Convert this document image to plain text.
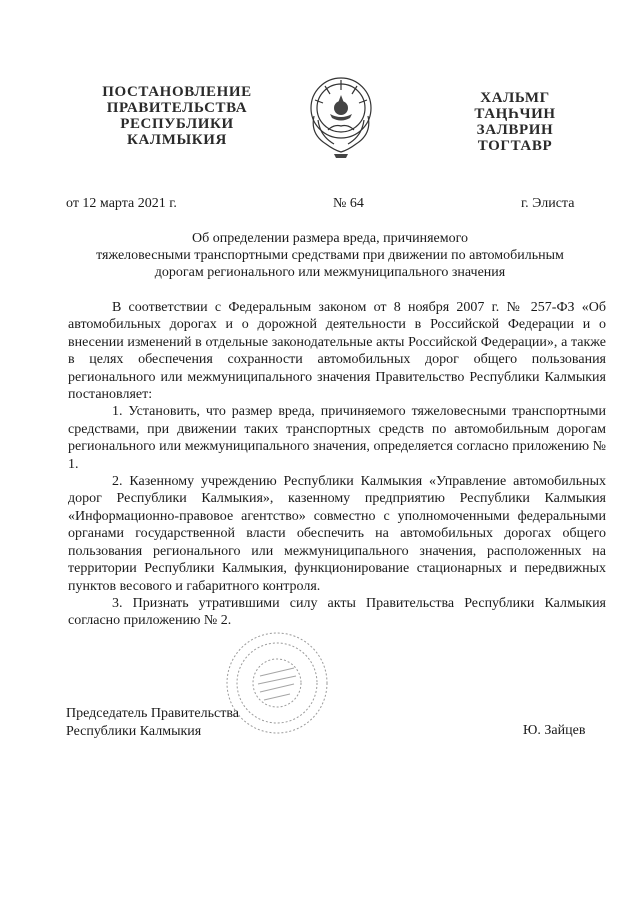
ПОСТАНОВЛЕНИЕ
ПРАВИТЕЛЬСТВА
РЕСПУБЛИКИ
КАЛМЫКИЯ
ХАЛЬМГ
ТАҢҺЧИН
ЗАЛВРИН
ТОГТАВР
от 12 марта 2021 г.	№ 64	г. Элиста
Об определении размера вреда, причиняемого
тяжеловесными транспортными средствами при движении по автомобильным
дорогам регионального или межмуниципального значения

В соответствии с Федеральным законом от 8 ноября 2007 г. № 257-ФЗ «Об автомобильных дорогах и о дорожной деятельности в Российской Федерации и о внесении изменений в отдельные законодательные акты Российской Федерации», а также в целях обеспечения сохранности автомобильных дорог общего пользования регионального или межмуниципального значения Правительство Республики Калмыкия постановляет:

1. Установить, что размер вреда, причиняемого тяжеловесными транспортными средствами, при движении таких транспортных средств по автомобильным дорогам регионального или межмуниципального значения, определяется согласно приложению № 1.

2. Казенному учреждению Республики Калмыкия «Управление автомобильных дорог Республики Калмыкия», казенному предприятию Республики Калмыкия «Информационно-правовое агентство» совместно с уполномоченными федеральными органами государственной власти обеспечить на автомобильных дорогах общего пользования регионального или межмуниципального значения, расположенных на территории Республики Калмыкия, функционирование стационарных и передвижных пунктов весового и габаритного контроля.

3. Признать утратившими силу акты Правительства Республики Калмыкия согласно приложению № 2.

Председатель Правительства
Республики Калмыкия	Ю. Зайцев
